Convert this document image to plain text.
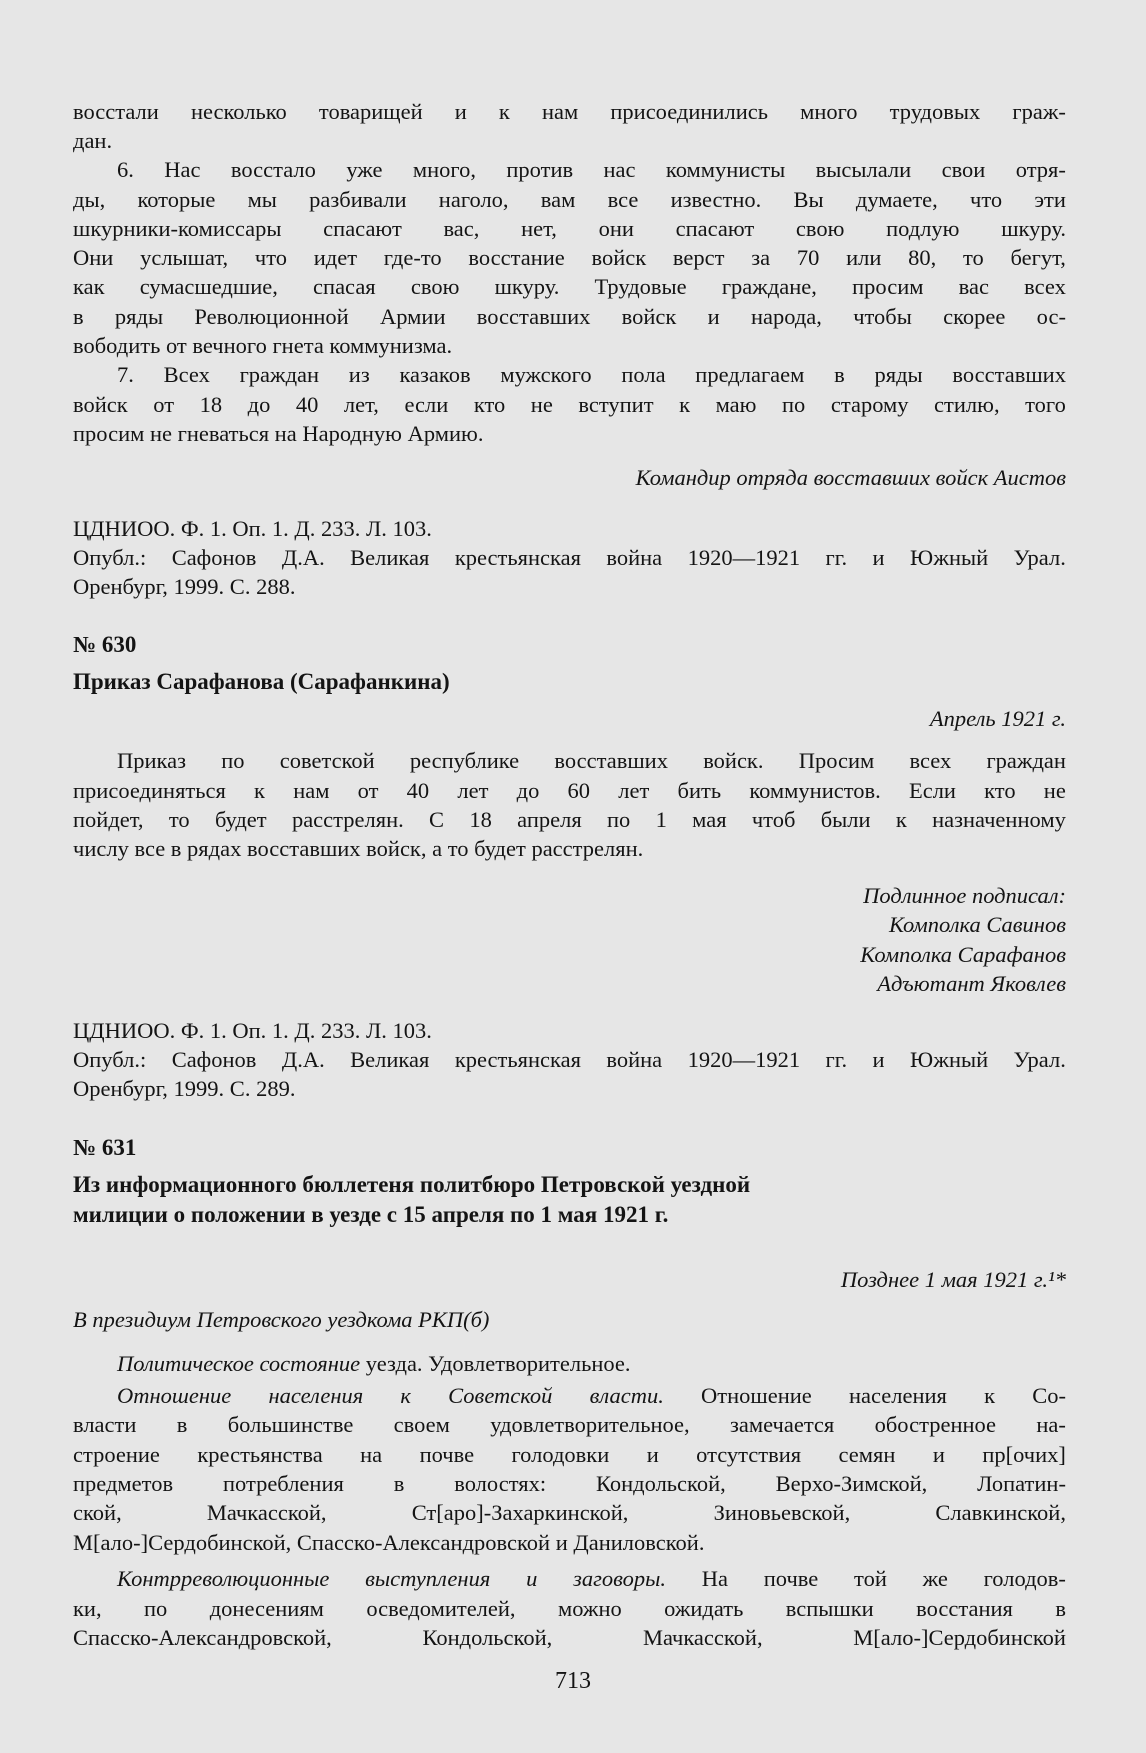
восстали несколько товарищей и к нам присоединились много трудовых граж-
дан.
6. Нас восстало уже много, против нас коммунисты высылали свои отря-
ды, которые мы разбивали наголо, вам все известно. Вы думаете, что эти
шкурники-комиссары спасают вас, нет, они спасают свою подлую шкуру.
Они услышат, что идет где-то восстание войск верст за 70 или 80, то бегут,
как сумасшедшие, спасая свою шкуру. Трудовые граждане, просим вас всех
в ряды Революционной Армии восставших войск и народа, чтобы скорее ос-
вободить от вечного гнета коммунизма.
7. Всех граждан из казаков мужского пола предлагаем в ряды восставших
войск от 18 до 40 лет, если кто не вступит к маю по старому стилю, того
просим не гневаться на Народную Армию.
Командир отряда восставших войск Аистов
ЦДНИОО. Ф. 1. Оп. 1. Д. 233. Л. 103.
Опубл.: Сафонов Д.А. Великая крестьянская война 1920—1921 гг. и Южный Урал.
Оренбург, 1999. С. 288.
№ 630
Приказ Сарафанова (Сарафанкина)
Апрель 1921 г.
Приказ по советской республике восставших войск. Просим всех граждан
присоединяться к нам от 40 лет до 60 лет бить коммунистов. Если кто не
пойдет, то будет расстрелян. С 18 апреля по 1 мая чтоб были к назначенному
числу все в рядах восставших войск, а то будет расстрелян.
Подлинное подписал:
Комполка Савинов
Комполка Сарафанов
Адъютант Яковлев
ЦДНИОО. Ф. 1. Оп. 1. Д. 233. Л. 103.
Опубл.: Сафонов Д.А. Великая крестьянская война 1920—1921 гг. и Южный Урал.
Оренбург, 1999. С. 289.
№ 631
Из информационного бюллетеня политбюро Петровской уездной
милиции о положении в уезде с 15 апреля по 1 мая 1921 г.
Позднее 1 мая 1921 г.¹*
В президиум Петровского уездкома РКП(б)
Политическое состояние уезда. Удовлетворительное.
Отношение населения к Советской власти. Отношение населения к Со-
власти в большинстве своем удовлетворительное, замечается обостренное на-
строение крестьянства на почве голодовки и отсутствия семян и пр[очих]
предметов потребления в волостях: Кондольской, Верхо-Зимской, Лопатин-
ской,	Мачкасской,	Ст[аро]-Захаркинской,	Зиновьевской,	Славкинской,
М[ало-]Сердобинской, Спасско-Александровской и Даниловской.
Контрреволюционные выступления и заговоры. На почве той же голодов-
ки, по донесениям осведомителей, можно ожидать вспышки восстания в
Спасско-Александровской,	Кондольской,	Мачкасской,	М[ало-]Сердобинской
713
